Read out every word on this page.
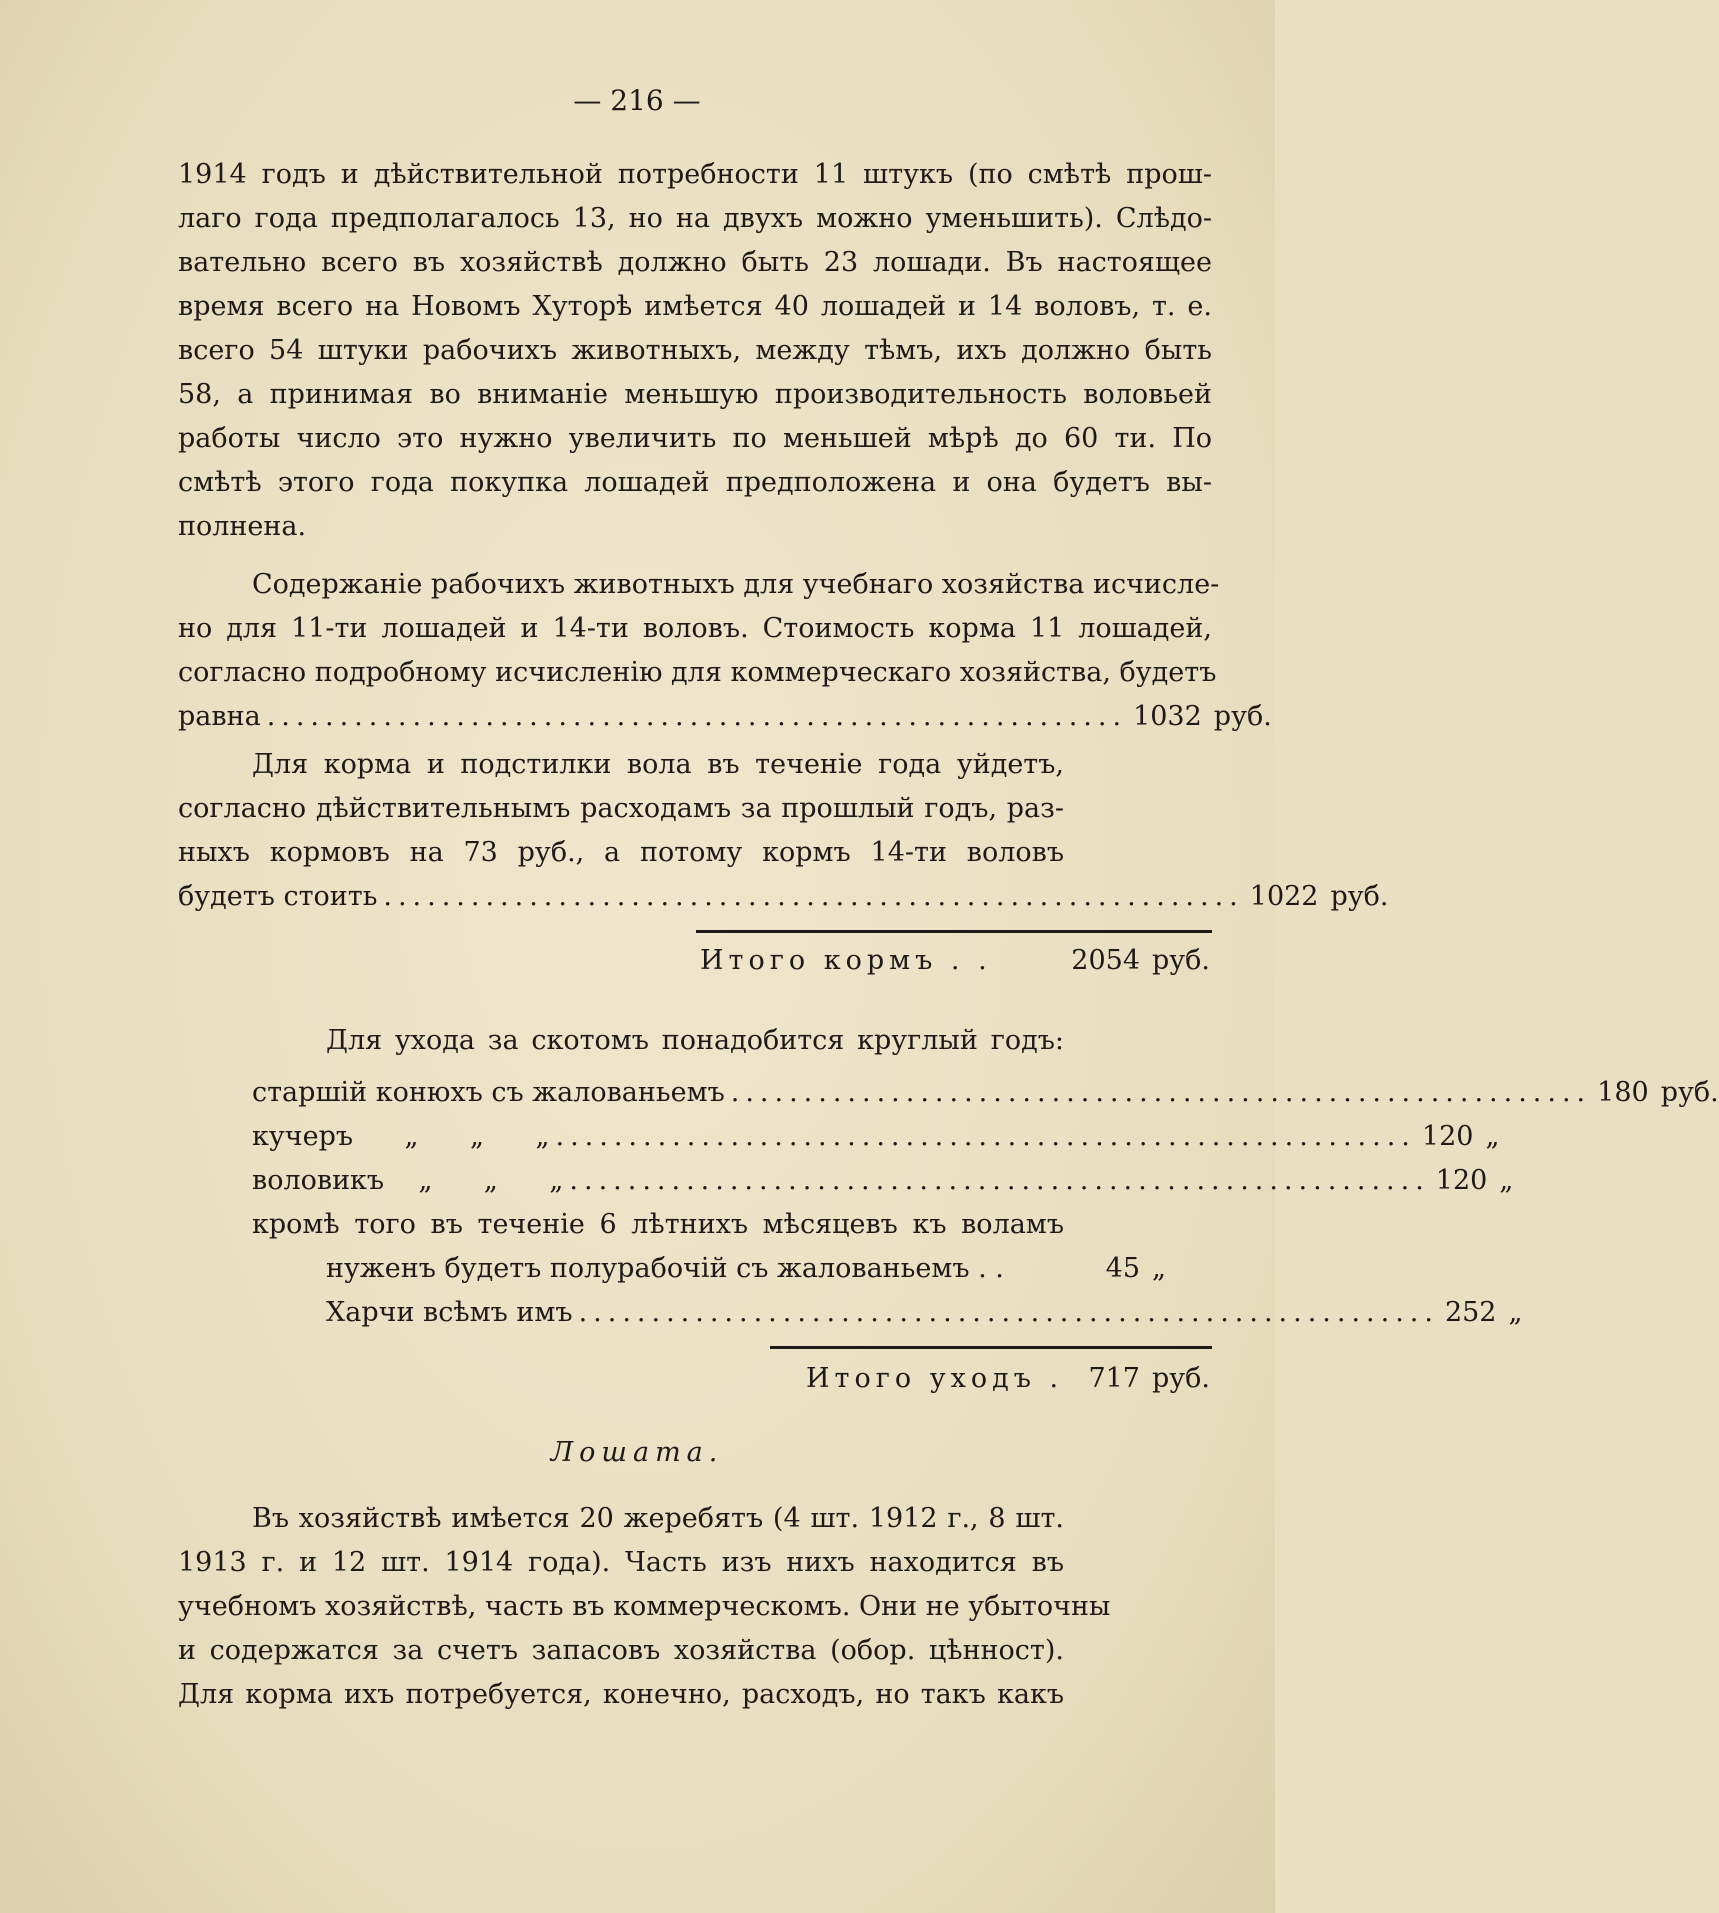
— 216 —
1914 годъ и дѣйствительной потребности 11 штукъ (по смѣтѣ прош-
лаго года предполагалось 13, но на двухъ можно уменьшить). Слѣдо-
вательно всего въ хозяйствѣ должно быть 23 лошади. Въ настоящее
время всего на Новомъ Хуторѣ имѣется 40 лошадей и 14 воловъ, т. е.
всего 54 штуки рабочихъ животныхъ, между тѣмъ, ихъ должно быть
58, а принимая во вниманіе меньшую производительность воловьей
работы число это нужно увеличить по меньшей мѣрѣ до 60 ти. По
смѣтѣ этого года покупка лошадей предположена и она будетъ вы-
полнена.
Содержаніе рабочихъ животныхъ для учебнаго хозяйства исчисле-
но для 11-ти лошадей и 14-ти воловъ. Стоимость корма 11 лошадей,
согласно подробному исчисленію для коммерческаго хозяйства, будетъ
равна ........................................................... 1032 руб.
Для корма и подстилки вола въ теченіе года уйдетъ,
согласно дѣйствительнымъ расходамъ за прошлый годъ, раз-
ныхъ кормовъ на 73 руб., а потому кормъ 14-ти воловъ
будетъ стоить ........................................................... 1022 руб.
Итого кормъ . .	2054 руб.
Для ухода за скотомъ понадобится круглый годъ:
старшій конюхъ съ жалованьемъ ........................................................... 180 руб.
кучеръ      „      „      „ ........................................................... 120 „
воловикъ    „      „      „ ........................................................... 120 „
кромѣ того въ теченіе 6 лѣтнихъ мѣсяцевъ къ воламъ
нуженъ будетъ полурабочій съ жалованьемъ . .	45 „
Харчи всѣмъ имъ ........................................................... 252 „
Итого уходъ . 717 руб.
Лошата.
Въ хозяйствѣ имѣется 20 жеребятъ (4 шт. 1912 г., 8 шт.
1913 г. и 12 шт. 1914 года). Часть изъ нихъ находится въ
учебномъ хозяйствѣ, часть въ коммерческомъ. Они не убыточны
и содержатся за счетъ запасовъ хозяйства (обор. цѣнност).
Для корма ихъ потребуется, конечно, расходъ, но такъ какъ
